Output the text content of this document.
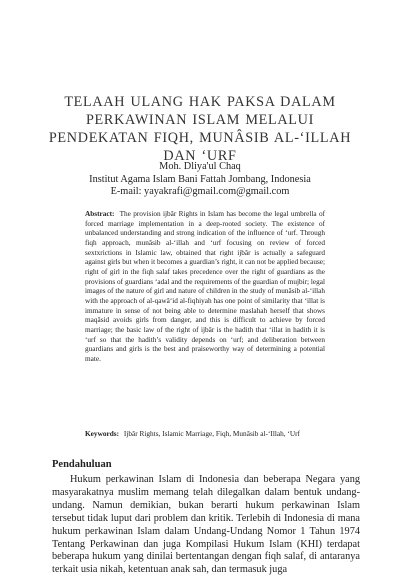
TELAAH ULANG HAK PAKSA DALAM
PERKAWINAN ISLAM MELALUI
PENDEKATAN FIQH, MUNÂSIB AL-‘ILLAH
DAN ‘URF
Moh. Dliya'ul Chaq
Institut Agama Islam Bani Fattah Jombang, Indonesia
E-mail: yayakrafi@gmail.com@gmail.com
Abstract: The provision ijbâr Rights in Islam has become the legal umbrella of forced marriage implementation in a deep-rooted society. The existence of unbalanced understanding and strong indication of the influence of ‘urf. Through fiqh approach, munâsib al-‘illah and ‘urf focusing on review of forced sextxrictions in Islamic law, obtained that right ijbâr is actually a safeguard against girls but when it becomes a guardian’s right, it can not be applied because; right of girl in the fiqh salaf takes precedence over the right of guardians as the provisions of guardians ‘adal and the requirements of the guardian of mujbir; legal images of the nature of girl and nature of children in the study of munâsib al-‘illah with the approach of al-qawâ‘id al-fiqhiyah has one point of similarity that ‘illat is immature in sense of not being able to determine maslahah herself that shows maqâsid avoids girls from danger, and this is difficult to achieve by forced marriage; the basic law of the right of ijbâr is the hadith that ‘illat in hadith it is ‘urf so that the hadith’s validity depends on ‘urf; and deliberation between guardians and girls is the best and praiseworthy way of determining a potential mate.
Keywords: Ijbâr Rights, Islamic Marriage, Fiqh, Munâsib al-‘Illah, ‘Urf
Pendahuluan
Hukum perkawinan Islam di Indonesia dan beberapa Negara yang masyarakatnya muslim memang telah dilegalkan dalam bentuk undang-undang. Namun demikian, bukan berarti hukum perkawinan Islam tersebut tidak luput dari problem dan kritik. Terlebih di Indonesia di mana hukum perkawinan Islam dalam Undang-Undang Nomor 1 Tahun 1974 Tentang Perkawinan dan juga Kompilasi Hukum Islam (KHI) terdapat beberapa hukum yang dinilai bertentangan dengan fiqh salaf, di antaranya terkait usia nikah, ketentuan anak sah, dan termasuk juga
